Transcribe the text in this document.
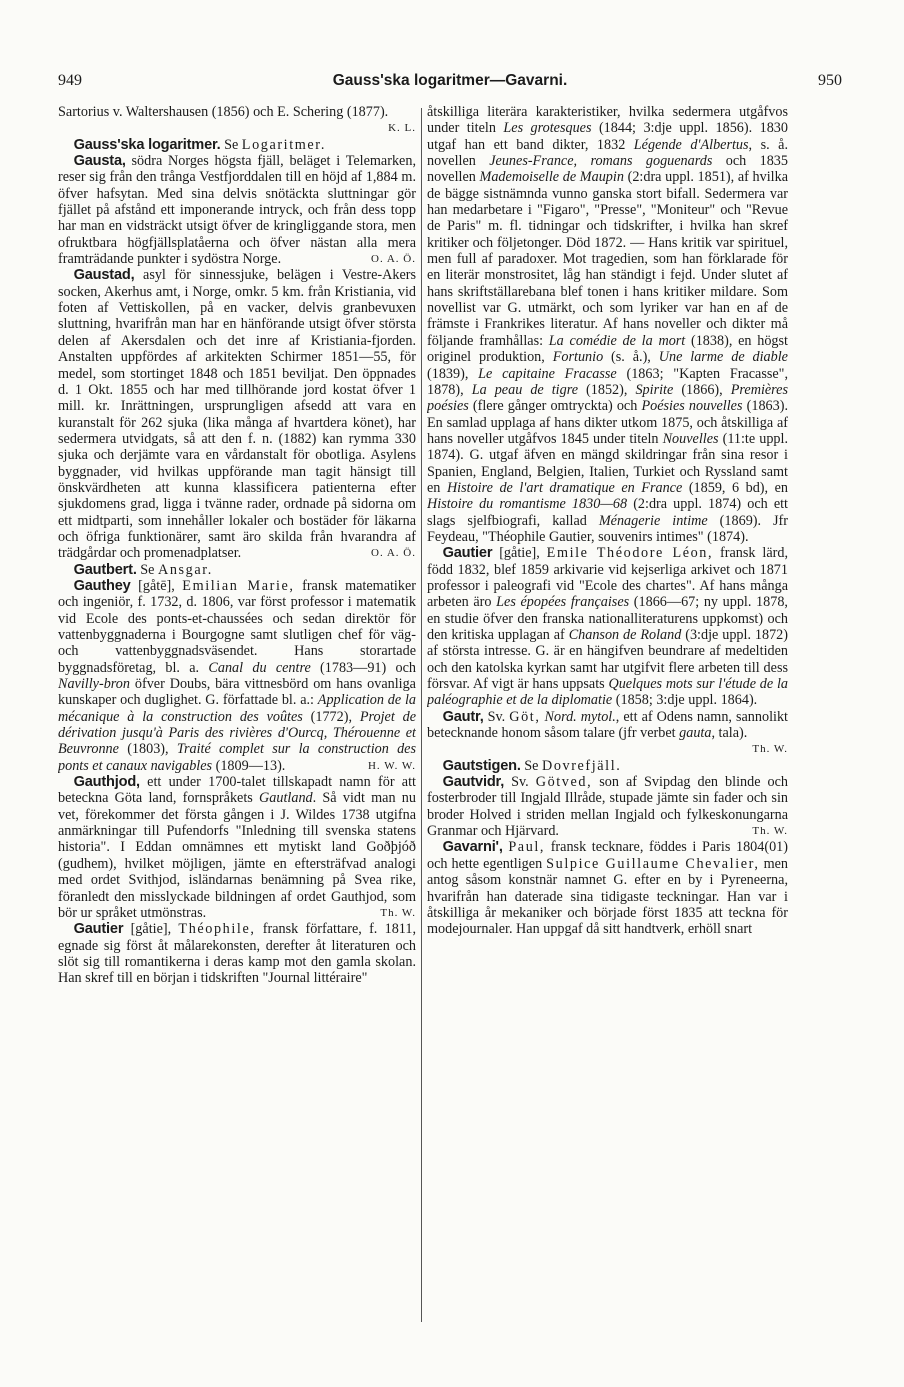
949	Gauss'ska logaritmer—Gavarni.	950

Sartorius v. Waltershausen (1856) och E. Schering (1877).
K. L.

Gauss'ska logaritmer. Se Logaritmer.

Gausta, södra Norges högsta fjäll, beläget i Telemarken, reser sig från den trånga Vestfjorddalen till en höjd af 1,884 m. öfver hafsytan. Med sina delvis snötäckta sluttningar gör fjället på afstånd ett imponerande intryck, och från dess topp har man en vidsträckt utsigt öfver de kringliggande stora, men ofruktbara högfjällsplatåerna och öfver nästan alla mera framträdande punkter i sydöstra Norge.	O. A. Ö.

Gaustad, asyl för sinnessjuke, belägen i Vestre-Akers socken, Akerhus amt, i Norge, omkr. 5 km. från Kristiania, vid foten af Vettiskollen, på en vacker, delvis granbevuxen sluttning, hvarifrån man har en hänförande utsigt öfver största delen af Akersdalen och det inre af Kristiania-fjorden. Anstalten uppfördes af arkitekten Schirmer 1851—55, för medel, som stortinget 1848 och 1851 beviljat. Den öppnades d. 1 Okt. 1855 och har med tillhörande jord kostat öfver 1 mill. kr. Inrättningen, ursprungligen afsedd att vara en kuranstalt för 262 sjuka (lika många af hvartdera könet), har sedermera utvidgats, så att den f. n. (1882) kan rymma 330 sjuka och derjämte vara en vårdanstalt för obotliga. Asylens byggnader, vid hvilkas uppförande man tagit hänsigt till önskvärdheten att kunna klassificera patienterna efter sjukdomens grad, ligga i tvänne rader, ordnade på sidorna om ett midtparti, som innehåller lokaler och bostäder för läkarna och öfriga funktionärer, samt äro skilda från hvarandra af trädgårdar och promenadplatser.	O. A. Ö.

Gautbert. Se Ansgar.

Gauthey [gåtē], Emilian Marie, fransk matematiker och ingeniör, f. 1732, d. 1806, var först professor i matematik vid Ecole des ponts-et-chaussées och sedan direktör för vattenbyggnaderna i Bourgogne samt slutligen chef för väg- och vattenbyggnadsväsendet. Hans storartade byggnadsföretag, bl. a. Canal du centre (1783—91) och Navilly-bron öfver Doubs, bära vittnesbörd om hans ovanliga kunskaper och duglighet. G. författade bl. a.: Application de la mécanique à la construction des voûtes (1772), Projet de dérivation jusqu'à Paris des rivières d'Ourcq, Thérouenne et Beuvronne (1803), Traité complet sur la construction des ponts et canaux navigables (1809—13).	H. W. W.

Gauthjod, ett under 1700-talet tillskapadt namn för att beteckna Göta land, fornspråkets Gautland. Så vidt man nu vet, förekommer det första gången i J. Wildes 1738 utgifna anmärkningar till Pufendorfs "Inledning till svenska statens historia". I Eddan omnämnes ett mytiskt land Goðþjóð (gudhem), hvilket möjligen, jämte en eftersträfvad analogi med ordet Svithjod, isländarnas benämning på Svea rike, föranledt den misslyckade bildningen af ordet Gauthjod, som bör ur språket utmönstras.	Th. W.

Gautier [gåtie], Théophile, fransk författare, f. 1811, egnade sig först åt målarekonsten, derefter åt literaturen och slöt sig till romantikerna i deras kamp mot den gamla skolan. Han skref till en början i tidskriften "Journal littéraire"

åtskilliga literära karakteristiker, hvilka sedermera utgåfvos under titeln Les grotesques (1844; 3:dje uppl. 1856). 1830 utgaf han ett band dikter, 1832 Légende d'Albertus, s. å. novellen Jeunes-France, romans goguenards och 1835 novellen Mademoiselle de Maupin (2:dra uppl. 1851), af hvilka de bägge sistnämnda vunno ganska stort bifall. Sedermera var han medarbetare i "Figaro", "Presse", "Moniteur" och "Revue de Paris" m. fl. tidningar och tidskrifter, i hvilka han skref kritiker och följetonger. Död 1872. — Hans kritik var spirituel, men full af paradoxer. Mot tragedien, som han förklarade för en literär monstrositet, låg han ständigt i fejd. Under slutet af hans skriftställarebana blef tonen i hans kritiker mildare. Som novellist var G. utmärkt, och som lyriker var han en af de främste i Frankrikes literatur. Af hans noveller och dikter må följande framhållas: La comédie de la mort (1838), en högst originel produktion, Fortunio (s. å.), Une larme de diable (1839), Le capitaine Fracasse (1863; "Kapten Fracasse", 1878), La peau de tigre (1852), Spirite (1866), Premières poésies (flere gånger omtryckta) och Poésies nouvelles (1863). En samlad upplaga af hans dikter utkom 1875, och åtskilliga af hans noveller utgåfvos 1845 under titeln Nouvelles (11:te uppl. 1874). G. utgaf äfven en mängd skildringar från sina resor i Spanien, England, Belgien, Italien, Turkiet och Ryssland samt en Histoire de l'art dramatique en France (1859, 6 bd), en Histoire du romantisme 1830—68 (2:dra uppl. 1874) och ett slags sjelfbiografi, kallad Ménagerie intime (1869). Jfr Feydeau, "Théophile Gautier, souvenirs intimes" (1874).

Gautier [gåtie], Emile Théodore Léon, fransk lärd, född 1832, blef 1859 arkivarie vid kejserliga arkivet och 1871 professor i paleografi vid "Ecole des chartes". Af hans många arbeten äro Les épopées françaises (1866—67; ny uppl. 1878, en studie öfver den franska nationalliteraturens uppkomst) och den kritiska upplagan af Chanson de Roland (3:dje uppl. 1872) af största intresse. G. är en hängifven beundrare af medeltiden och den katolska kyrkan samt har utgifvit flere arbeten till dess försvar. Af vigt är hans uppsats Quelques mots sur l'étude de la paléographie et de la diplomatie (1858; 3:dje uppl. 1864).

Gautr, Sv. Göt, Nord. mytol., ett af Odens namn, sannolikt betecknande honom såsom talare (jfr verbet gauta, tala).
Th. W.

Gautstigen. Se Dovrefjäll.

Gautvidr, Sv. Götved, son af Svipdag den blinde och fosterbroder till Ingjald Illråde, stupade jämte sin fader och sin broder Holved i striden mellan Ingjald och fylkeskonungarna Granmar och Hjärvard.	Th. W.

Gavarni', Paul, fransk tecknare, föddes i Paris 1804(01) och hette egentligen Sulpice Guillaume Chevalier, men antog såsom konstnär namnet G. efter en by i Pyreneerna, hvarifrån han daterade sina tidigaste teckningar. Han var i åtskilliga år mekaniker och började först 1835 att teckna för modejournaler. Han uppgaf då sitt handtverk, erhöll snart
